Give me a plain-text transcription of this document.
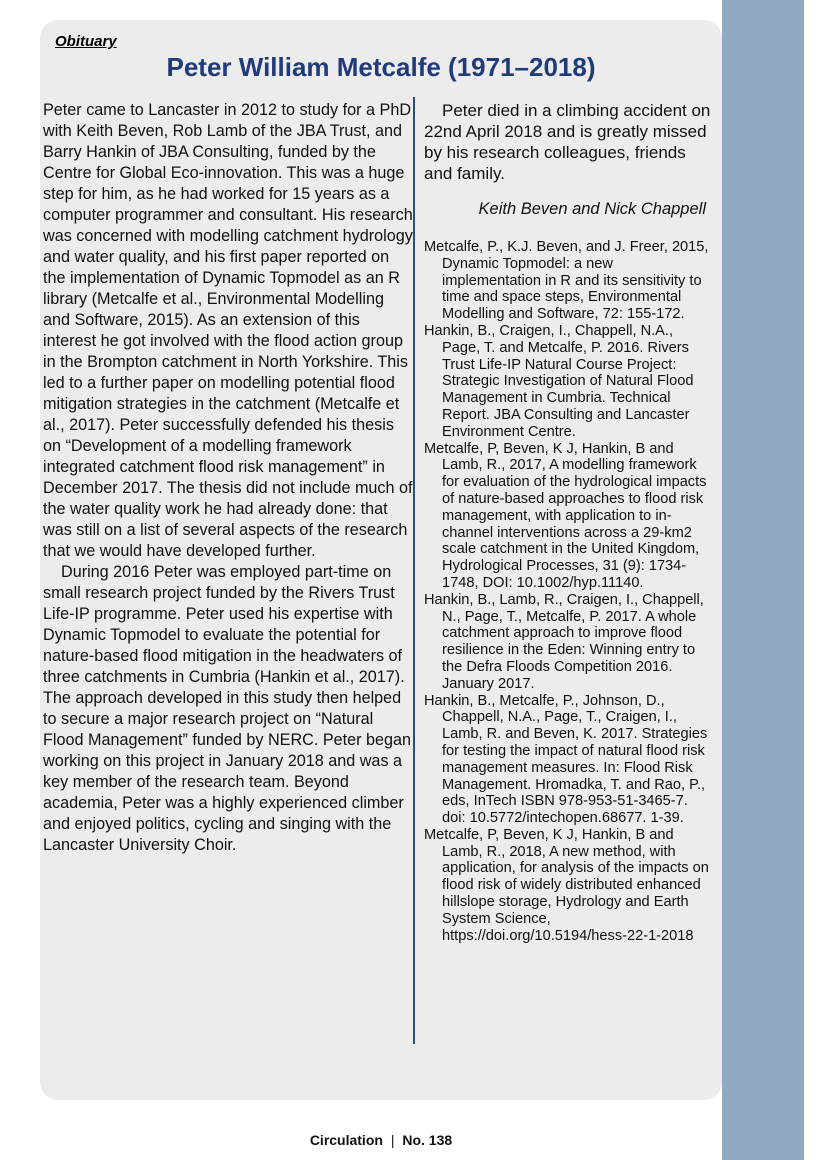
Obituary
Peter William Metcalfe (1971–2018)

Peter came to Lancaster in 2012 to study for a PhD with Keith Beven, Rob Lamb of the JBA Trust, and Barry Hankin of JBA Consulting, funded by the Centre for Global Eco-innovation. This was a huge step for him, as he had worked for 15 years as a computer programmer and consultant. His research was concerned with modelling catchment hydrology and water quality, and his first paper reported on the implementation of Dynamic Topmodel as an R library (Metcalfe et al., Environmental Modelling and Software, 2015). As an extension of this interest he got involved with the flood action group in the Brompton catchment in North Yorkshire. This led to a further paper on modelling potential flood mitigation strategies in the catchment (Metcalfe et al., 2017). Peter successfully defended his thesis on “Development of a modelling framework integrated catchment flood risk management” in December 2017. The thesis did not include much of the water quality work he had already done: that was still on a list of several aspects of the research that we would have developed further.

During 2016 Peter was employed part-time on small research project funded by the Rivers Trust Life-IP programme. Peter used his expertise with Dynamic Topmodel to evaluate the potential for nature-based flood mitigation in the headwaters of three catchments in Cumbria (Hankin et al., 2017). The approach developed in this study then helped to secure a major research project on “Natural Flood Management” funded by NERC. Peter began working on this project in January 2018 and was a key member of the research team. Beyond academia, Peter was a highly experienced climber and enjoyed politics, cycling and singing with the Lancaster University Choir.

Peter died in a climbing accident on 22nd April 2018 and is greatly missed by his research colleagues, friends and family.

Keith Beven and Nick Chappell
Metcalfe, P., K.J. Beven, and J. Freer, 2015, Dynamic Topmodel: a new implementation in R and its sensitivity to time and space steps, Environmental Modelling and Software, 72: 155-172.
Hankin, B., Craigen, I., Chappell, N.A., Page, T. and Metcalfe, P. 2016. Rivers Trust Life-IP Natural Course Project: Strategic Investigation of Natural Flood Management in Cumbria. Technical Report. JBA Consulting and Lancaster Environment Centre.
Metcalfe, P, Beven, K J, Hankin, B and Lamb, R., 2017, A modelling framework for evaluation of the hydrological impacts of nature-based approaches to flood risk management, with application to in-channel interventions across a 29-km2 scale catchment in the United Kingdom, Hydrological Processes, 31 (9): 1734-1748, DOI: 10.1002/hyp.11140.
Hankin, B., Lamb, R., Craigen, I., Chappell, N., Page, T., Metcalfe, P. 2017. A whole catchment approach to improve flood resilience in the Eden: Winning entry to the Defra Floods Competition 2016. January 2017.
Hankin, B., Metcalfe, P., Johnson, D., Chappell, N.A., Page, T., Craigen, I., Lamb, R. and Beven, K. 2017. Strategies for testing the impact of natural flood risk management measures. In: Flood Risk Management. Hromadka, T. and Rao, P., eds, InTech ISBN 978-953-51-3465-7. doi: 10.5772/intechopen.68677. 1-39.
Metcalfe, P, Beven, K J, Hankin, B and Lamb, R., 2018, A new method, with application, for analysis of the impacts on flood risk of widely distributed enhanced hillslope storage, Hydrology and Earth System Science, https://doi.org/10.5194/hess-22-1-2018
Circulation | No. 138
